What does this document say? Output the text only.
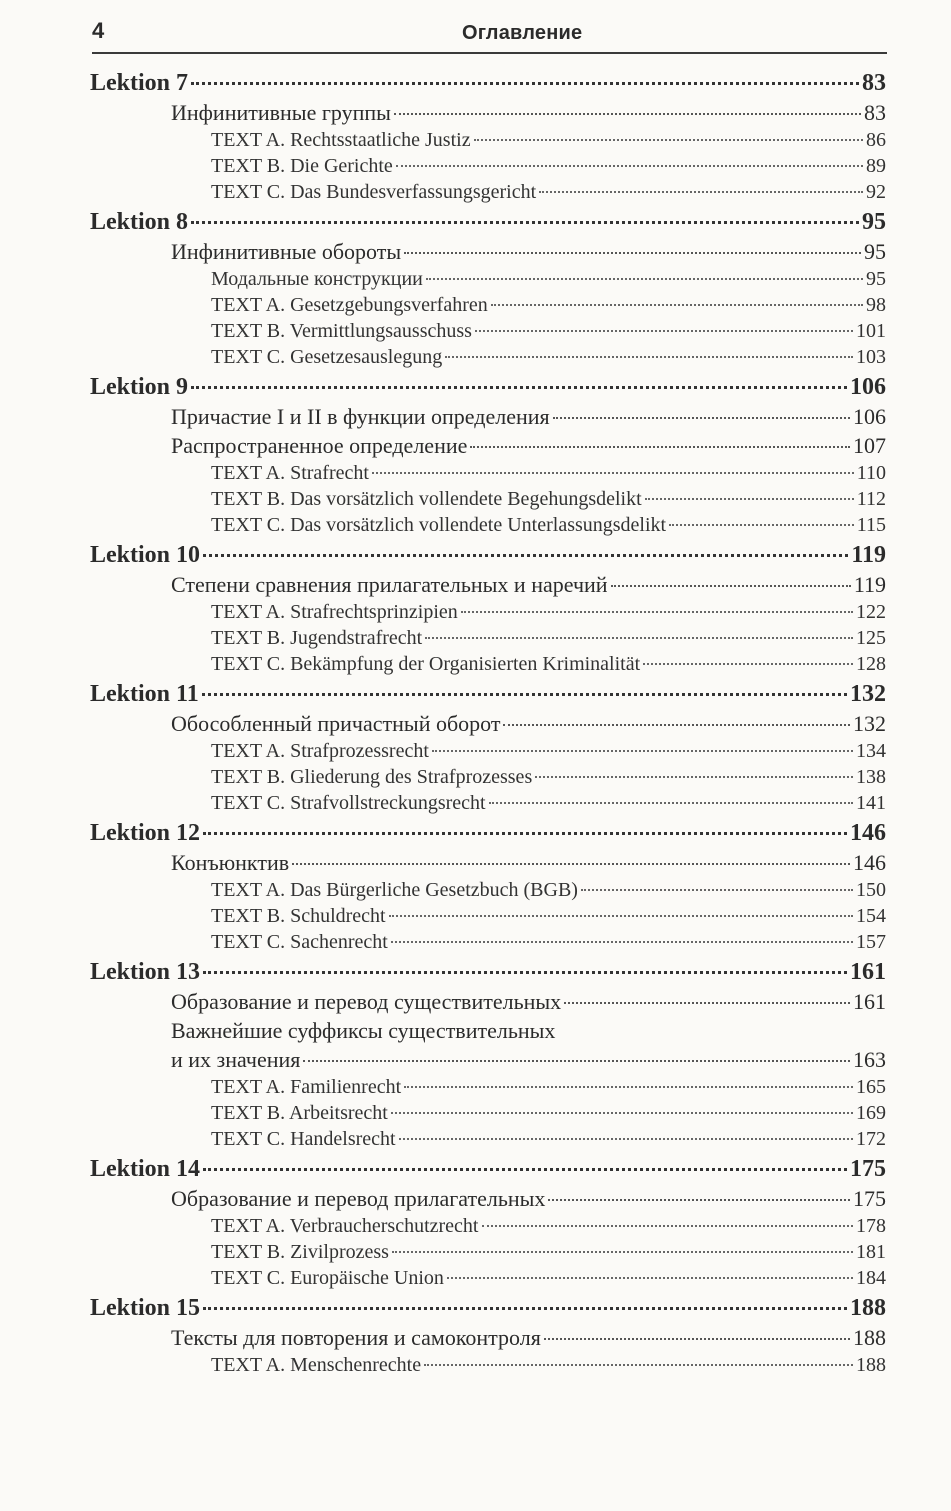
4	Оглавление
Lektion 7	83
Инфинитивные группы	83
TEXT A. Rechtsstaatliche Justiz	86
TEXT B. Die Gerichte	89
TEXT C. Das Bundesverfassungsgericht	92
Lektion 8	95
Инфинитивные обороты	95
Модальные конструкции	95
TEXT A. Gesetzgebungsverfahren	98
TEXT B. Vermittlungsausschuss	101
TEXT C. Gesetzesauslegung	103
Lektion 9	106
Причастие I и II в функции определения	106
Распространенное определение	107
TEXT A. Strafrecht	110
TEXT B. Das vorsätzlich vollendete Begehungsdelikt	112
TEXT C. Das vorsätzlich vollendete Unterlassungsdelikt	115
Lektion 10	119
Степени сравнения прилагательных и наречий	119
TEXT A. Strafrechtsprinzipien	122
TEXT B. Jugendstrafrecht	125
TEXT C. Bekämpfung der Organisierten Kriminalität	128
Lektion 11	132
Обособленный причастный оборот	132
TEXT A. Strafprozessrecht	134
TEXT B. Gliederung des Strafprozesses	138
TEXT C. Strafvollstreckungsrecht	141
Lektion 12	146
Конъюнктив	146
TEXT A. Das Bürgerliche Gesetzbuch (BGB)	150
TEXT B. Schuldrecht	154
TEXT C. Sachenrecht	157
Lektion 13	161
Образование и перевод существительных	161
Важнейшие суффиксы существительных
и их значения	163
TEXT A. Familienrecht	165
TEXT B. Arbeitsrecht	169
TEXT C. Handelsrecht	172
Lektion 14	175
Образование и перевод прилагательных	175
TEXT A. Verbraucherschutzrecht	178
TEXT B. Zivilprozess	181
TEXT C. Europäische Union	184
Lektion 15	188
Тексты для повторения и самоконтроля	188
TEXT A. Menschenrechte	188
